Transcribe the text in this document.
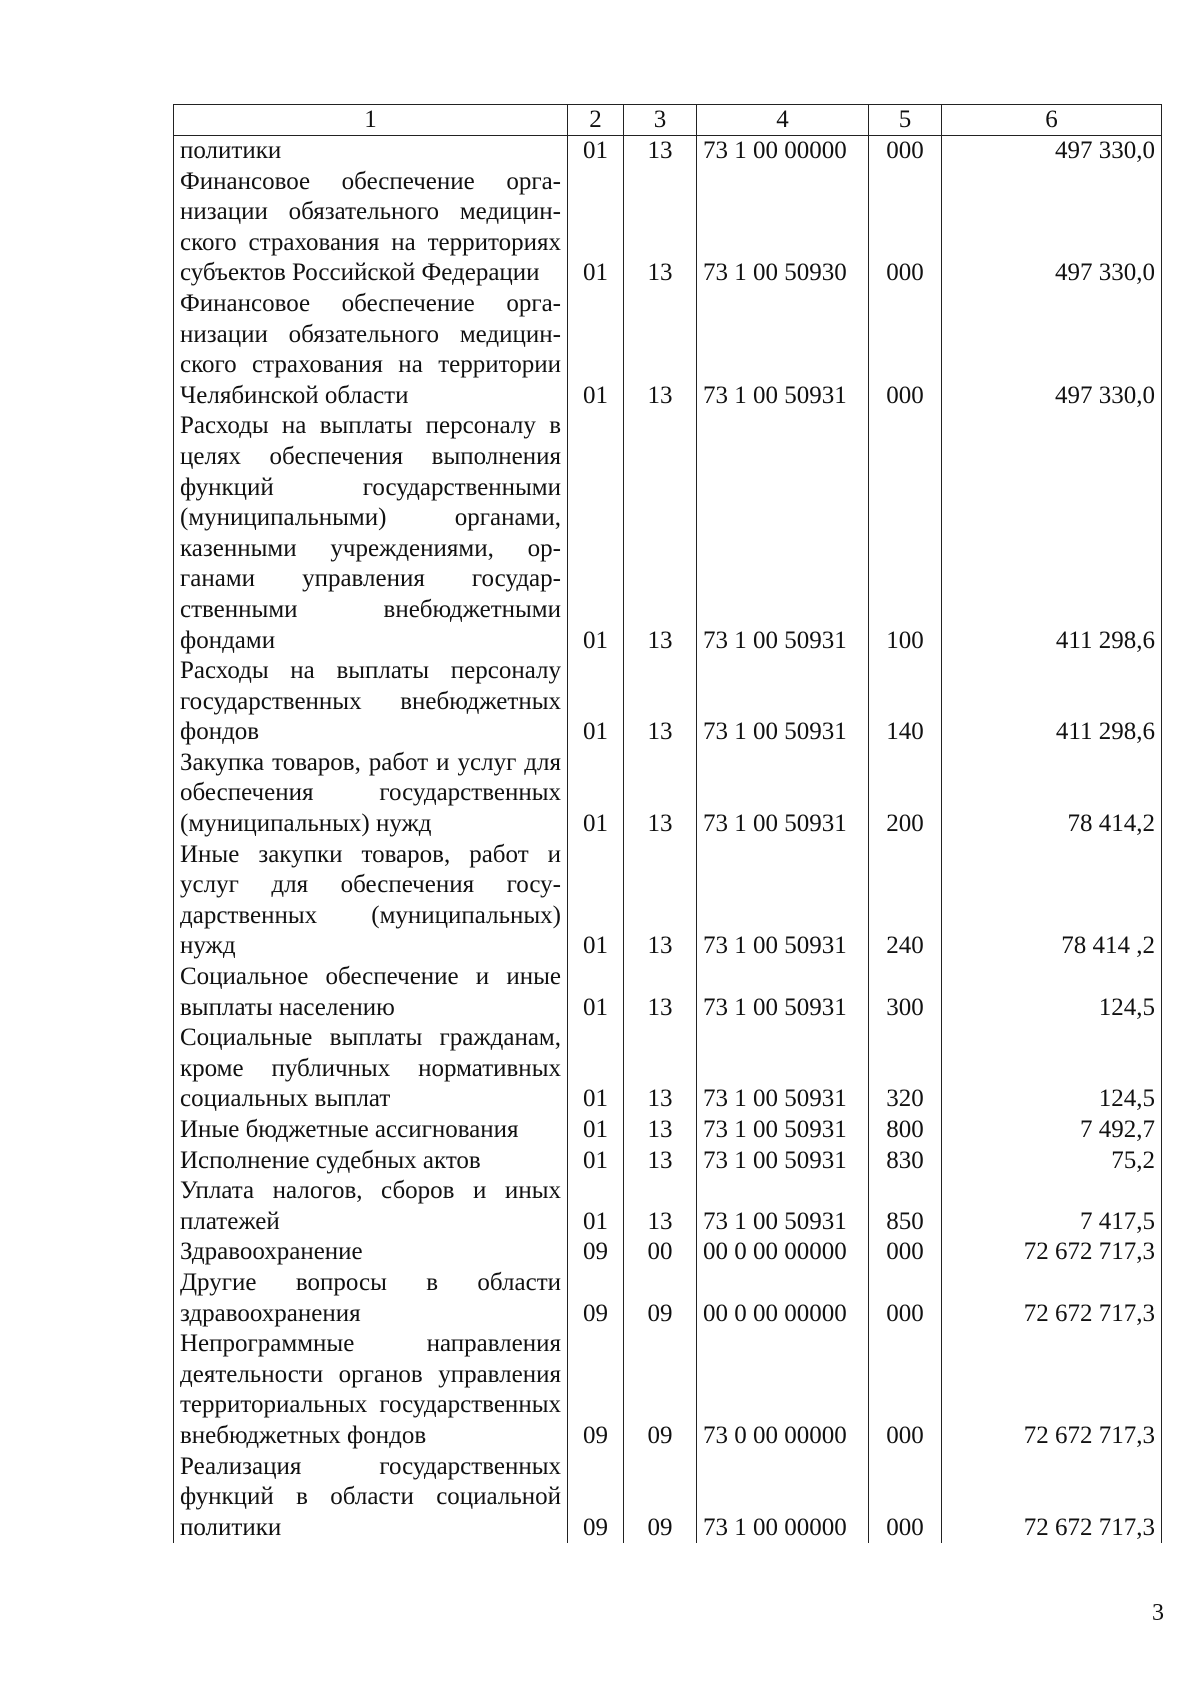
1	2	3	4	5	6
политики	01	13	73 1 00 00000	000	497 330,0
Финансовое обеспечение организации обязательного медицинского страхования на территориях субъектов Российской Федерации	01	13	73 1 00 50930	000	497 330,0
Финансовое обеспечение организации обязательного медицинского страхования на территории Челябинской области	01	13	73 1 00 50931	000	497 330,0
Расходы на выплаты персоналу в целях обеспечения выполнения функций государственными (муниципальными) органами, казенными учреждениями, органами управления государственными внебюджетными фондами	01	13	73 1 00 50931	100	411 298,6
Расходы на выплаты персоналу государственных внебюджетных фондов	01	13	73 1 00 50931	140	411 298,6
Закупка товаров, работ и услуг для обеспечения государственных (муниципальных) нужд	01	13	73 1 00 50931	200	78 414,2
Иные закупки товаров, работ и услуг для обеспечения государственных (муниципальных) нужд	01	13	73 1 00 50931	240	78 414 ,2
Социальное обеспечение и иные выплаты населению	01	13	73 1 00 50931	300	124,5
Социальные выплаты гражданам, кроме публичных нормативных социальных выплат	01	13	73 1 00 50931	320	124,5
Иные бюджетные ассигнования	01	13	73 1 00 50931	800	7 492,7
Исполнение судебных актов	01	13	73 1 00 50931	830	75,2
Уплата налогов, сборов и иных платежей	01	13	73 1 00 50931	850	7 417,5
Здравоохранение	09	00	00 0 00 00000	000	72 672 717,3
Другие вопросы в области здравоохранения	09	09	00 0 00 00000	000	72 672 717,3
Непрограммные направления деятельности органов управления территориальных государственных внебюджетных фондов	09	09	73 0 00 00000	000	72 672 717,3
Реализация государственных функций в области социальной политики	09	09	73 1 00 00000	000	72 672 717,3
3
